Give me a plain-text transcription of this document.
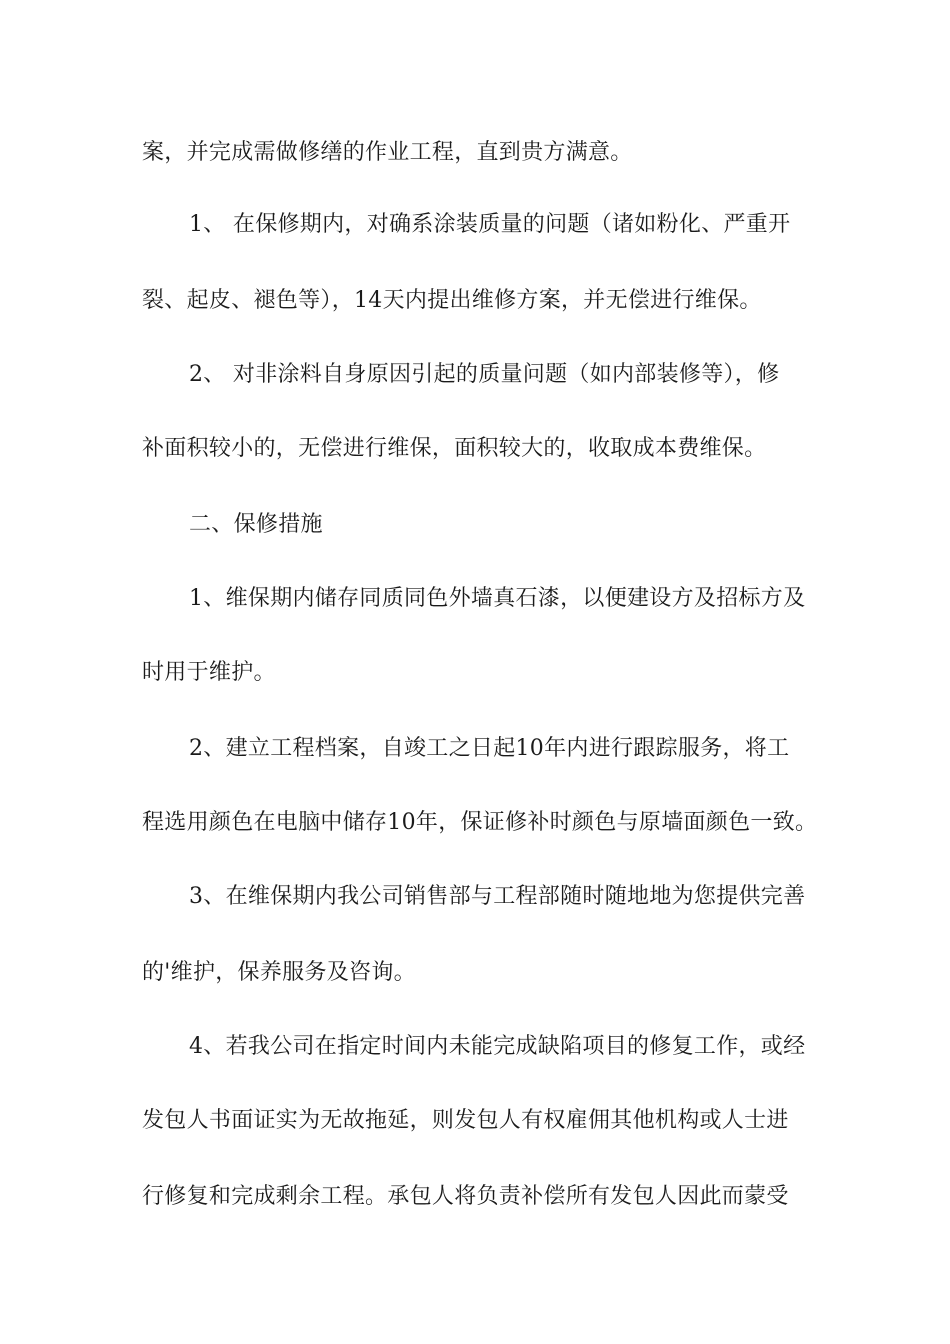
案，并完成需做修缮的作业工程，直到贵方满意。
1、 在保修期内，对确系涂装质量的问题（诸如粉化、严重开
裂、起皮、褪色等），14天内提出维修方案，并无偿进行维保。
2、 对非涂料自身原因引起的质量问题（如内部装修等），修
补面积较小的，无偿进行维保，面积较大的，收取成本费维保。
二、保修措施
1、维保期内储存同质同色外墙真石漆，以便建设方及招标方及
时用于维护。
2、建立工程档案，自竣工之日起10年内进行跟踪服务，将工
程选用颜色在电脑中储存10年，保证修补时颜色与原墙面颜色一致。
3、在维保期内我公司销售部与工程部随时随地地为您提供完善
的'维护，保养服务及咨询。
4、若我公司在指定时间内未能完成缺陷项目的修复工作，或经
发包人书面证实为无故拖延，则发包人有权雇佣其他机构或人士进
行修复和完成剩余工程。承包人将负责补偿所有发包人因此而蒙受
